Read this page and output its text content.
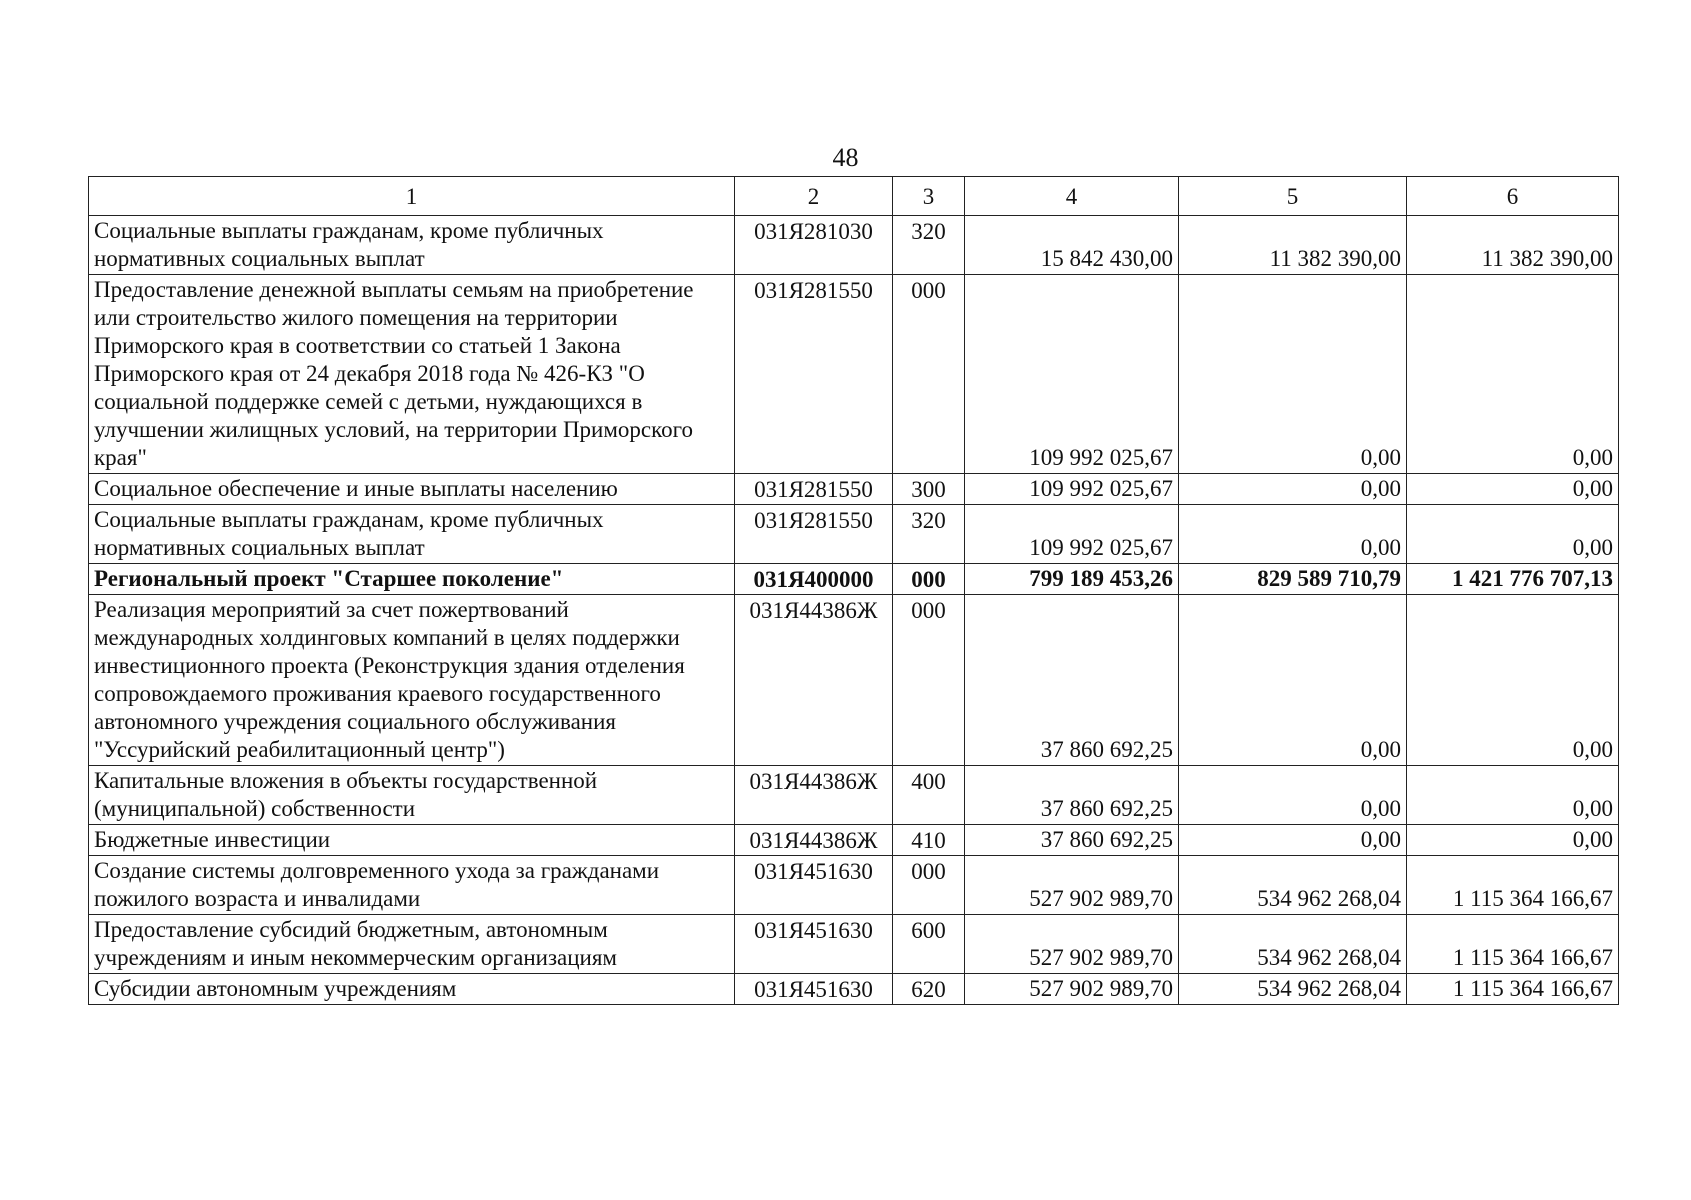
48
1	2	3	4	5	6
Социальные выплаты гражданам, кроме публичных нормативных социальных выплат	031Я281030	320	15 842 430,00	11 382 390,00	11 382 390,00
Предоставление денежной выплаты семьям на приобретение или строительство жилого помещения на территории Приморского края в соответствии со статьей 1 Закона Приморского края от 24 декабря 2018 года № 426-КЗ "О социальной поддержке семей с детьми, нуждающихся в улучшении жилищных условий, на территории Приморского края"	031Я281550	000	109 992 025,67	0,00	0,00
Социальное обеспечение и иные выплаты населению	031Я281550	300	109 992 025,67	0,00	0,00
Социальные выплаты гражданам, кроме публичных нормативных социальных выплат	031Я281550	320	109 992 025,67	0,00	0,00
Региональный проект "Старшее поколение"	031Я400000	000	799 189 453,26	829 589 710,79	1 421 776 707,13
Реализация мероприятий за счет пожертвований международных холдинговых компаний в целях поддержки инвестиционного проекта (Реконструкция здания отделения сопровождаемого проживания краевого государственного автономного учреждения социального обслуживания "Уссурийский реабилитационный центр")	031Я44386Ж	000	37 860 692,25	0,00	0,00
Капитальные вложения в объекты государственной (муниципальной) собственности	031Я44386Ж	400	37 860 692,25	0,00	0,00
Бюджетные инвестиции	031Я44386Ж	410	37 860 692,25	0,00	0,00
Создание системы долговременного ухода за гражданами пожилого возраста и инвалидами	031Я451630	000	527 902 989,70	534 962 268,04	1 115 364 166,67
Предоставление субсидий бюджетным, автономным учреждениям и иным некоммерческим организациям	031Я451630	600	527 902 989,70	534 962 268,04	1 115 364 166,67
Субсидии автономным учреждениям	031Я451630	620	527 902 989,70	534 962 268,04	1 115 364 166,67
